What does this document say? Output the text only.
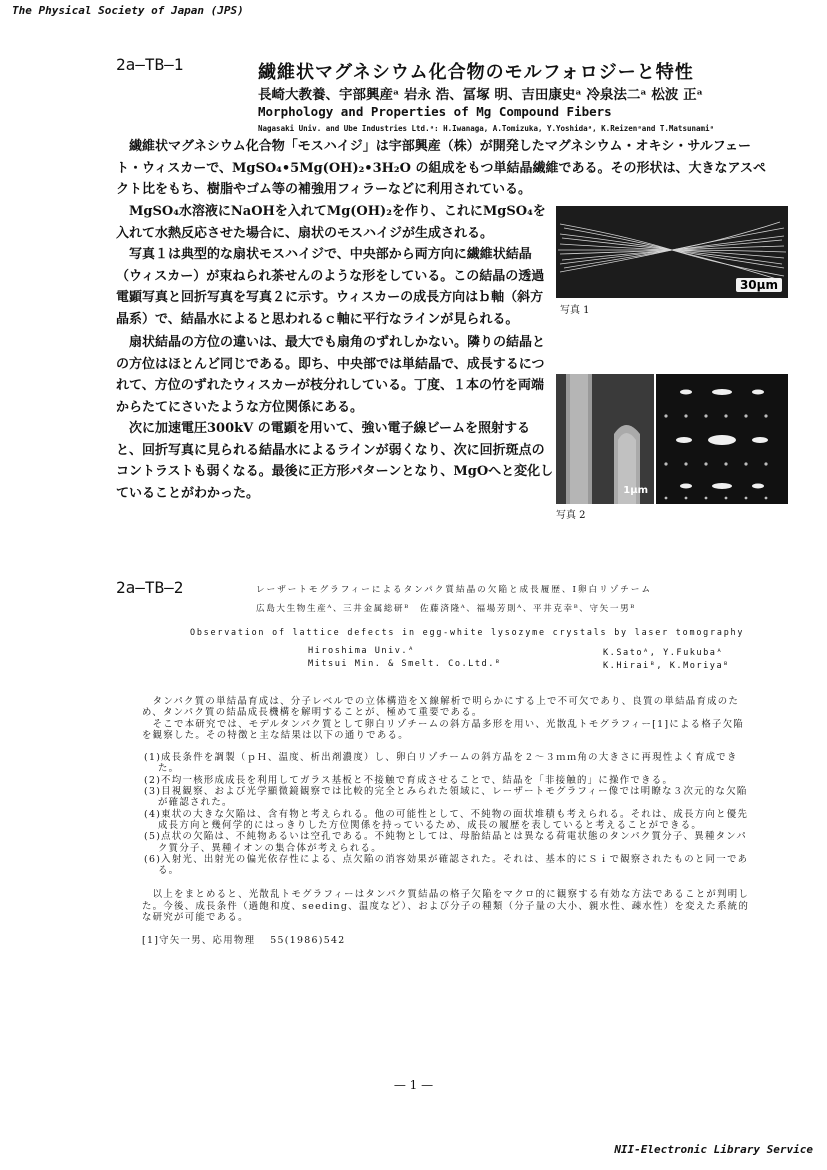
The Physical Society of Japan (JPS)
2a—TB—1	繊維状マグネシウム化合物のモルフォロジーと特性
長崎大教養、宇部興産ᵃ 岩永 浩、冨塚 明、吉田康史ᵃ 冷泉法二ᵃ 松波 正ᵃ
Morphology and Properties of Mg Compound Fibers
Nagasaki Univ. and Ube Industries Ltd.ᵃ: H.Iwanaga, A.Tomizuka, Y.Yoshidaᵃ, K.Reizenᵃand T.Matsunamiᵃ

　繊維状マグネシウム化合物「モスハイジ」は宇部興産（株）が開発したマグネシウム・オキシ・サルフェート・ウィスカーで、MgSO₄•5Mg(OH)₂•3H₂O の組成をもつ単結晶繊維である。その形状は、大きなアスペクト比をもち、樹脂やゴム等の補強用フィラーなどに利用されている。

　MgSO₄水溶液にNaOHを入れてMg(OH)₂を作り、これにMgSO₄を入れて水熱反応させた場合に、扇状のモスハイジが生成される。

　写真１は典型的な扇状モスハイジで、中央部から両方向に繊維状結晶（ウィスカー）が束ねられ茶せんのような形をしている。この結晶の透過電顕写真と回折写真を写真２に示す。ウィスカーの成長方向はｂ軸（斜方晶系）で、結晶水によると思われるｃ軸に平行なラインが見られる。

　扇状結晶の方位の違いは、最大でも扇角のずれしかない。隣りの結晶との方位はほとんど同じである。即ち、中央部では単結晶で、成長するにつれて、方位のずれたウィスカーが枝分れしている。丁度、１本の竹を両端からたてにさいたような方位関係にある。

　次に加速電圧300kV の電顕を用いて、強い電子線ビームを照射すると、回折写真に見られる結晶水によるラインが弱くなり、次に回折斑点のコントラストも弱くなる。最後に正方形パターンとなり、MgOへと変化していることがわかった。

30µm
写真 1
1µm
写真 2
2a—TB—2	レーザートモグラフィーによるタンパク質結晶の欠陥と成長履歴、Ⅰ卵白リゾチーム
広島大生物生産ᴬ、三井金属総研ᴮ　佐藤済隆ᴬ、福場芳則ᴬ、平井克幸ᴮ、守矢一男ᴮ
Observation of lattice defects in egg-white lysozyme crystals by laser tomography
Hiroshima Univ.ᴬ
Mitsui Min. & Smelt. Co.Ltd.ᴮ
K.Satoᴬ, Y.Fukubaᴬ
K.Hiraiᴮ, K.Moriyaᴮ

　タンパク質の単結晶育成は、分子レベルでの立体構造をＸ線解析で明らかにする上で不可欠であり、良質の単結晶育成のため、タンパク質の結晶成長機構を解明することが、極めて重要である。

　そこで本研究では、モデルタンパク質として卵白リゾチームの斜方晶多形を用い、光散乱トモグラフィー[1]による格子欠陥を観察した。その特徴と主な結果は以下の通りである。

(1)成長条件を調製（ｐＨ、温度、析出剤濃度）し、卵白リゾチームの斜方晶を２〜３ｍｍ角の大きさに再現性よく育成できた。

(2)不均一核形成成長を利用してガラス基板と不接触で育成させることで、結晶を「非接触的」に操作できる。

(3)目視観察、および光学顯微鏡観察では比較的完全とみられた領域に、レーザートモグラフィー像では明瞭な３次元的な欠陥が確認された。

(4)東状の大きな欠陥は、含有物と考えられる。他の可能性として、不純物の面状堆積も考えられる。それは、成長方向と優先成長方向と幾何学的にはっきりした方位関係を持っているため、成長の履歴を表していると考えることができる。

(5)点状の欠陥は、不純物あるいは空孔である。不純物としては、母胎結晶とは異なる荷電状態のタンパク質分子、異種タンパク質分子、異種イオンの集合体が考えられる。

(6)入射光、出射光の偏光依存性による、点欠陥の消容効果が確認された。それは、基本的にＳｉで観察されたものと同一である。

　以上をまとめると、光散乱トモグラフィーはタンパク質結晶の格子欠陥をマクロ的に観察する有効な方法であることが判明した。今後、成長条件（過飽和度、seeding、温度など）、および分子の種類（分子量の大小、親水性、疎水性）を変えた系統的な研究が可能である。

[1]守矢一男、応用物理　 55(1986)542

— 1 —
NII-Electronic Library Service
